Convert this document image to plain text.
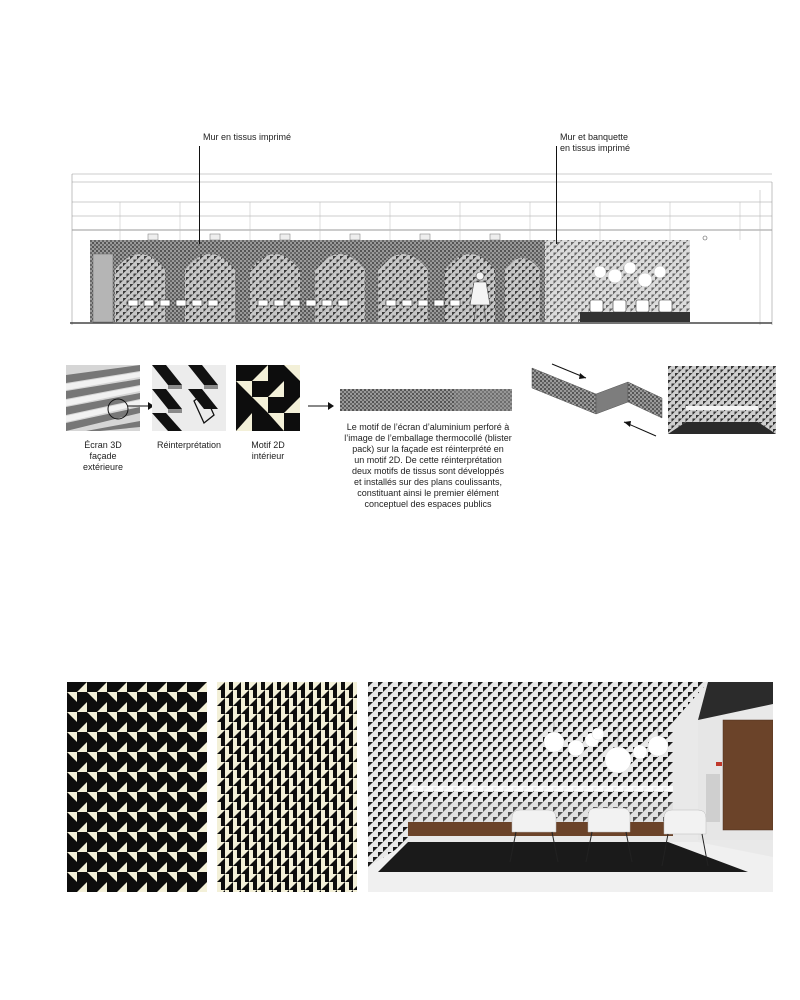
Mur en tissus imprimé	Mur et banquette
en tissus imprimé
Écran 3D
façade
extérieure
Réinterprétation	Motif 2D
intérieur
Le motif de l’écran d’aluminium perforé à
l’image de l’emballage thermocollé (blister
pack) sur la façade est réinterprété en
un motif 2D. De cette réinterprétation
deux motifs de tissus sont développés
et installés sur des plans coulissants,
constituant ainsi le premier élément
conceptuel des espaces publics
